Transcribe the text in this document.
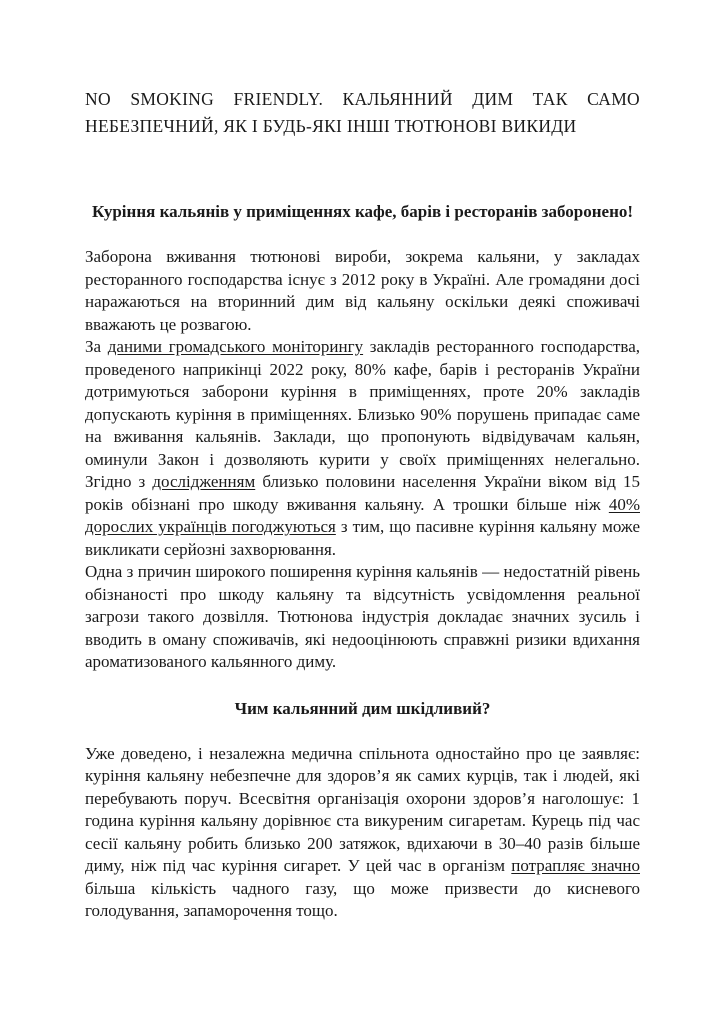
NO SMOKING FRIENDLY. КАЛЬЯННИЙ ДИМ ТАК САМО НЕБЕЗПЕЧНИЙ, ЯК І БУДЬ-ЯКІ ІНШІ ТЮТЮНОВІ ВИКИДИ

Куріння кальянів у приміщеннях кафе, барів і ресторанів заборонено!

Заборона вживання тютюнові вироби, зокрема кальяни, у закладах ресторанного господарства існує з 2012 року в Україні. Але громадяни досі наражаються на вторинний дим від кальяну оскільки деякі споживачі вважають це розвагою.

За даними громадського моніторингу закладів ресторанного господарства, проведеного наприкінці 2022 року, 80% кафе, барів і ресторанів України дотримуються заборони куріння в приміщеннях, проте 20% закладів допускають куріння в приміщеннях. Близько 90% порушень припадає саме на вживання кальянів. Заклади, що пропонують відвідувачам кальян, оминули Закон і дозволяють курити у своїх приміщеннях нелегально. Згідно з дослідженням близько половини населення України віком від 15 років обізнані про шкоду вживання кальяну. А трошки більше ніж 40% дорослих українців погоджуються з тим, що пасивне куріння кальяну може викликати серйозні захворювання.

Одна з причин широкого поширення куріння кальянів — недостатній рівень обізнаності про шкоду кальяну та відсутність усвідомлення реальної загрози такого дозвілля. Тютюнова індустрія докладає значних зусиль і вводить в оману споживачів, які недооцінюють справжні ризики вдихання ароматизованого кальянного диму.

Чим кальянний дим шкідливий?

Уже доведено, і незалежна медична спільнота одностайно про це заявляє: куріння кальяну небезпечне для здоров’я як самих курців, так і людей, які перебувають поруч. Всесвітня організація охорони здоров’я наголошує: 1 година куріння кальяну дорівнює ста викуреним сигаретам. Курець під час сесії кальяну робить близько 200 затяжок, вдихаючи в 30–40 разів більше диму, ніж під час куріння сигарет. У цей час в організм потрапляє значно більша кількість чадного газу, що може призвести до кисневого голодування, запаморочення тощо.
